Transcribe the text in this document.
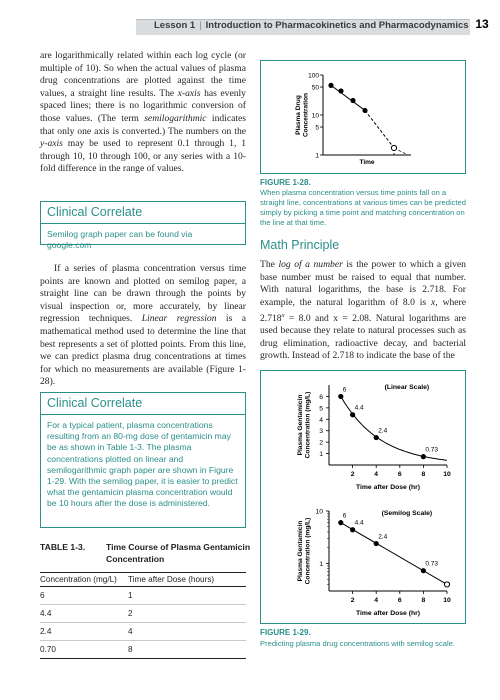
Lesson 1 | Introduction to Pharmacokinetics and Pharmacodynamics 13
are logarithmically related within each log cycle (or multiple of 10). So when the actual values of plasma drug concentrations are plotted against the time values, a straight line results. The x-axis has evenly spaced lines; there is no logarithmic conversion of those values. (The term semilogarithmic indicates that only one axis is converted.) The numbers on the y-axis may be used to represent 0.1 through 1, 1 through 10, 10 through 100, or any series with a 10-fold difference in the range of values.
Clinical Correlate
Semilog graph paper can be found via google.com
If a series of plasma concentration versus time points are known and plotted on semilog paper, a straight line can be drawn through the points by visual inspection or, more accurately, by linear regression techniques. Linear regression is a mathematical method used to determine the line that best represents a set of plotted points. From this line, we can predict plasma drug concentrations at times for which no measurements are available (Figure 1-28).
Clinical Correlate
For a typical patient, plasma concentrations resulting from an 80-mg dose of gentamicin may be as shown in Table 1-3. The plasma concentrations plotted on linear and semilogarithmic graph paper are shown in Figure 1-29. With the semilog paper, it is easier to predict what the gentamicin plasma concentration would be 10 hours after the dose is administered.
TABLE 1-3. Time Course of Plasma Gentamicin
Concentration
Concentration (mg/L)	Time after Dose (hours)
6	1
4.4	2
2.4	4
0.70	8
100
50
10
5
1
Plasma DrugConcentration
Time
FIGURE 1-28.
When plasma concentration versus time points fall on a straight line, concentrations at various times can be predicted simply by picking a time point and matching concentration on the line at that time.
Math Principle
The log of a number is the power to which a given base number must be raised to equal that number. With natural logarithms, the base is 2.718. For example, the natural logarithm of 8.0 is x, where $2.718^x = 8.0$ and x = 2.08. Natural logarithms are used because they relate to natural processes such as drug elimination, radioactive decay, and bacterial growth. Instead of 2.718 to indicate the base of the
2	4	6	8	10
1
2
3
4
5
6
Time after Dose (hr)
Plasma GentamicinConcentration (mg/L)
(Linear Scale)
6
4.4
2.4
0.73
2	4	6	8	10
1
10
Time after Dose (hr)
Plasma GentamicinConcentration (mg/L)
(Semilog Scale)
6
4.4
2.4
0.73
FIGURE 1-29.
Predicting plasma drug concentrations with semilog scale.
